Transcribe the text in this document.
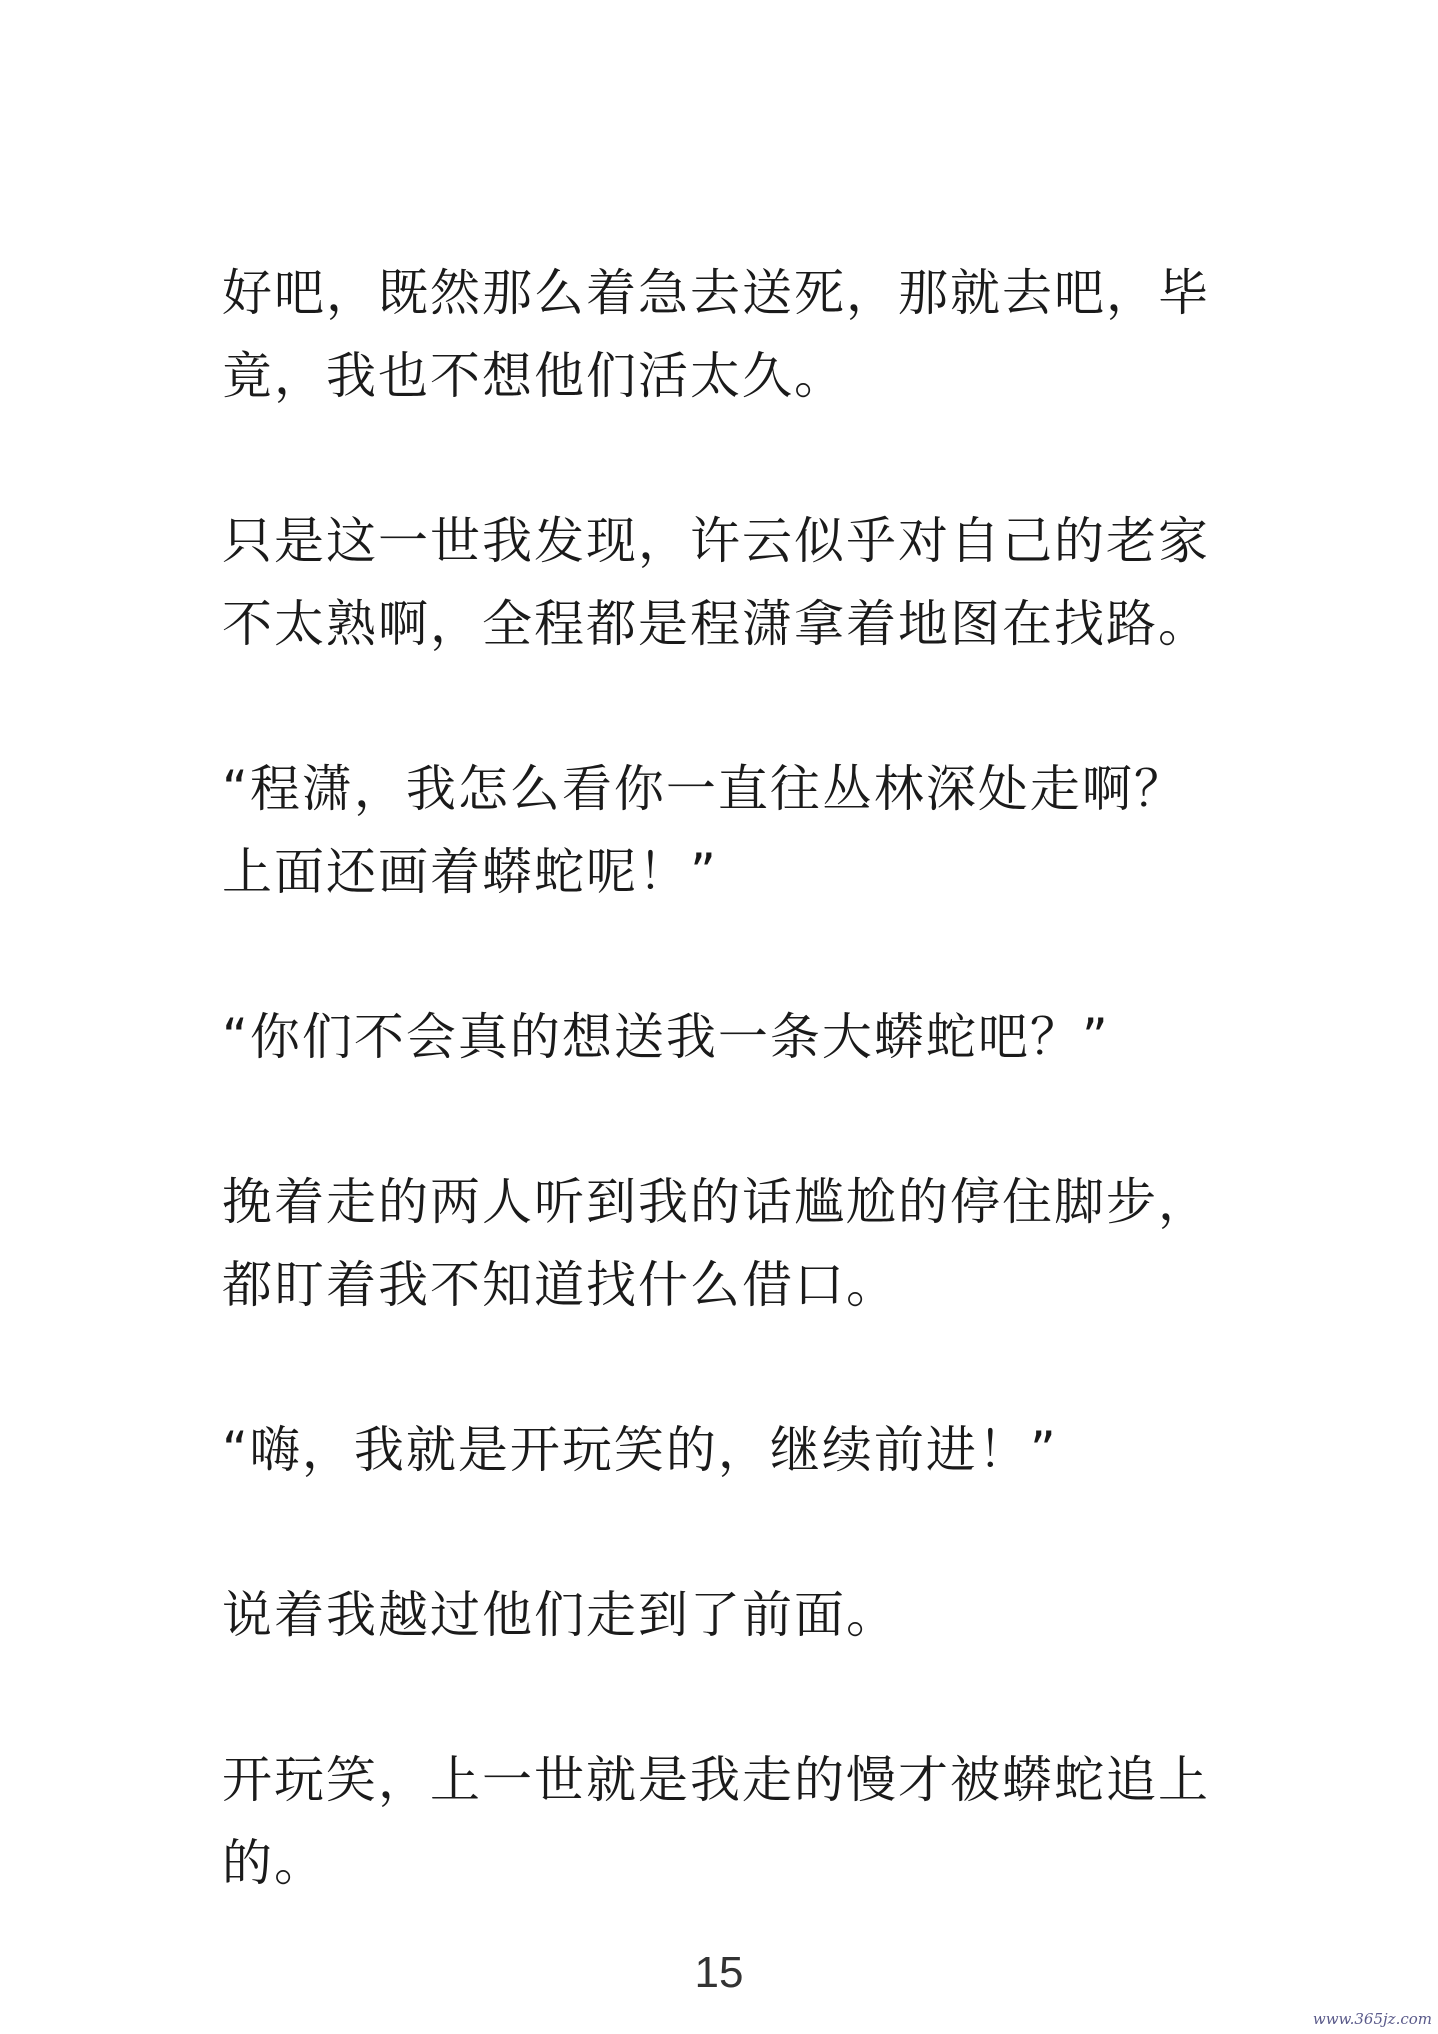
好吧，既然那么着急去送死，那就去吧，毕竟，我也不想他们活太久。

只是这一世我发现，许云似乎对自己的老家不太熟啊，全程都是程潇拿着地图在找路。

“程潇，我怎么看你一直往丛林深处走啊？上面还画着蟒蛇呢！”

“你们不会真的想送我一条大蟒蛇吧？”

挽着走的两人听到我的话尴尬的停住脚步，都盯着我不知道找什么借口。

“嗨，我就是开玩笑的，继续前进！”

说着我越过他们走到了前面。

开玩笑，上一世就是我走的慢才被蟒蛇追上的。

15
www.365jz.com
